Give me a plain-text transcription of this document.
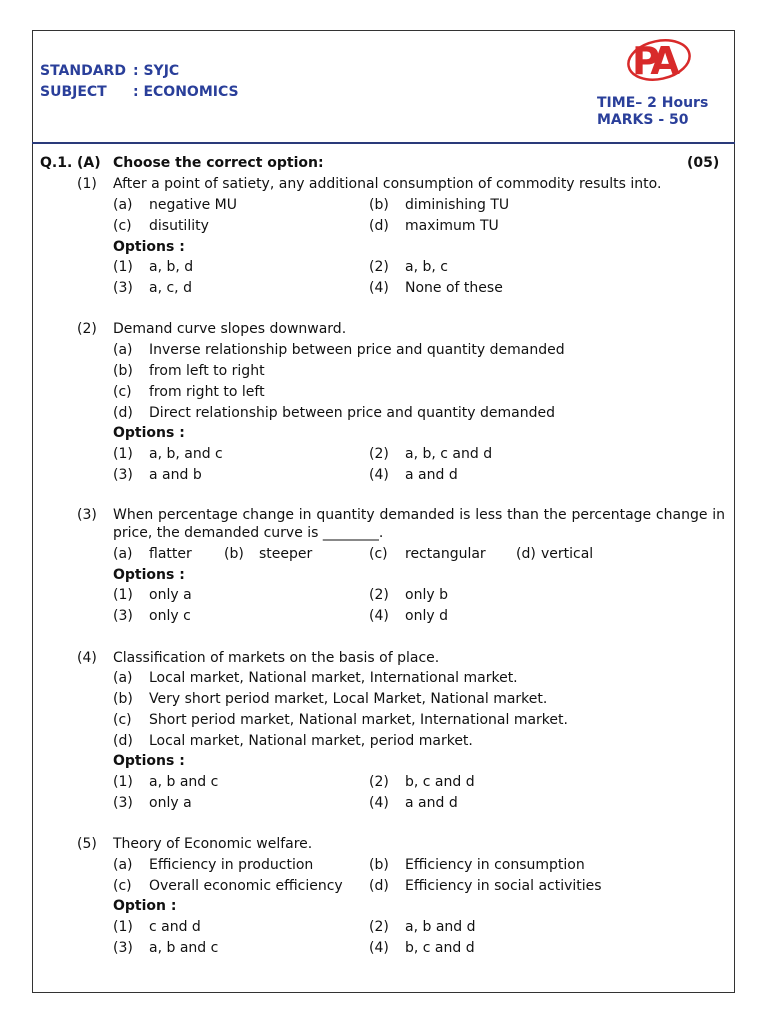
STANDARD : SYJC
SUBJECT : ECONOMICS
TIME– 2 Hours
MARKS - 50
PA
Q.1. (A) Choose the correct option:	(05)
(1) After a point of satiety, any additional consumption of commodity results into.
(a) negative MU	(b) diminishing TU
(c) disutility	(d) maximum TU
Options :
(1) a, b, d	(2) a, b, c
(3) a, c, d	(4) None of these
(2) Demand curve slopes downward.
(a) Inverse relationship between price and quantity demanded
(b) from left to right
(c) from right to left
(d) Direct relationship between price and quantity demanded
Options :
(1) a, b, and c	(2) a, b, c and d
(3) a and b	(4) a and d
(3) When percentage change in quantity demanded is less than the percentage change in price, the demanded curve is ________.
(a) flatter (b) steeper	(c) rectangular (d) vertical
Options :
(1) only a	(2) only b
(3) only c	(4) only d
(4) Classification of markets on the basis of place.
(a) Local market, National market, International market.
(b) Very short period market, Local Market, National market.
(c) Short period market, National market, International market.
(d) Local market, National market, period market.
Options :
(1) a, b and c	(2) b, c and d
(3) only a	(4) a and d
(5) Theory of Economic welfare.
(a) Efficiency in production	(b) Efficiency in consumption
(c) Overall economic efficiency (d) Efficiency in social activities
Option :
(1) c and d	(2) a, b and d
(3) a, b and c	(4) b, c and d
